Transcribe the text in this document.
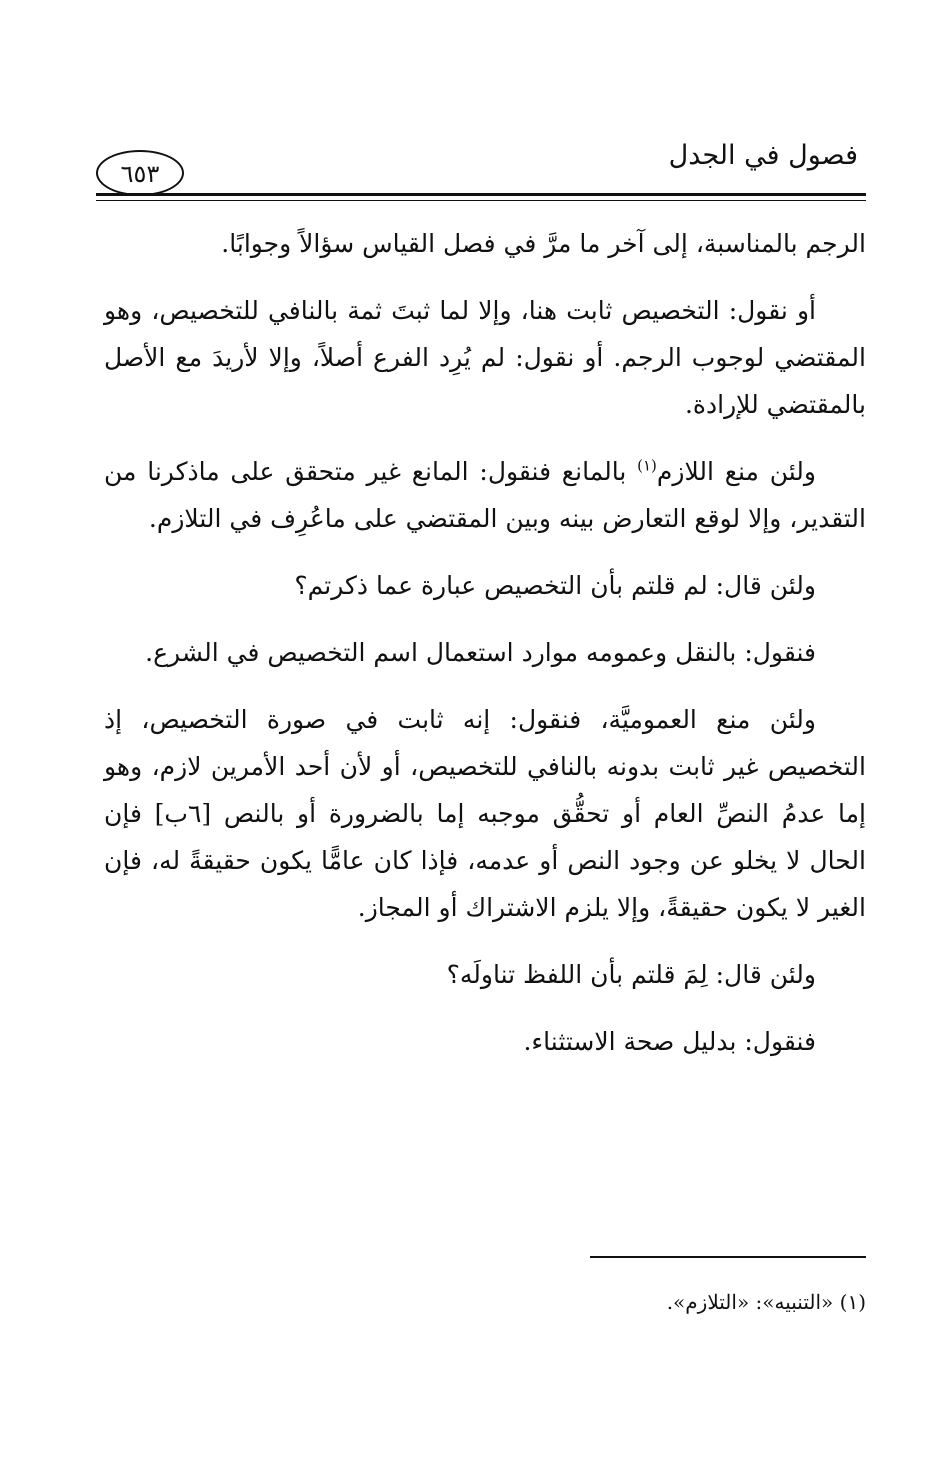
فصول في الجدل
٦٥٣

الرجم بالمناسبة، إلى آخر ما مرَّ في فصل القياس سؤالاً وجوابًا.

أو نقول: التخصيص ثابت هنا، وإلا لما ثبتَ ثمة بالنافي للتخصيص، وهو المقتضي لوجوب الرجم. أو نقول: لم يُرِد الفرع أصلاً، وإلا لأريدَ مع الأصل بالمقتضي للإرادة.

ولئن منع اللازم$^{(١)}$ بالمانع فنقول: المانع غير متحقق على ماذكرنا من التقدير، وإلا لوقع التعارض بينه وبين المقتضي على ماعُرِف في التلازم.

ولئن قال: لم قلتم بأن التخصيص عبارة عما ذكرتم؟

فنقول: بالنقل وعمومه موارد استعمال اسم التخصيص في الشرع.

ولئن منع العموميَّة، فنقول: إنه ثابت في صورة التخصيص، إذ التخصيص غير ثابت بدونه بالنافي للتخصيص، أو لأن أحد الأمرين لازم، وهو إما عدمُ النصِّ العام أو تحقُّق موجبه إما بالضرورة أو بالنص [٦ب] فإن الحال لا يخلو عن وجود النص أو عدمه، فإذا كان عامًّا يكون حقيقةً له، فإن الغير لا يكون حقيقةً، وإلا يلزم الاشتراك أو المجاز.

ولئن قال: لِمَ قلتم بأن اللفظ تناولَه؟

فنقول: بدليل صحة الاستثناء.

(١) «التنبيه»: «التلازم».
